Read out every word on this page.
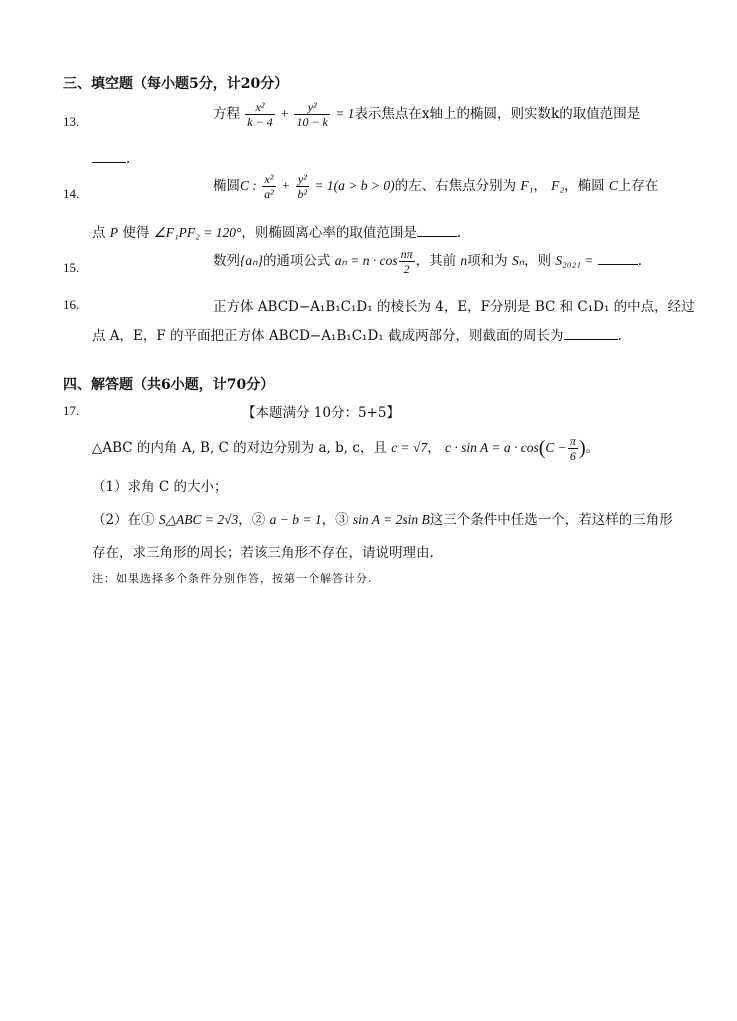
三、填空题（每小题5分，计20分）
13.	方程 $\frac{\text{x²}}{k - 4} + \frac{\text{y²}}{10 - k} = 1$表示焦点在x轴上的椭圆，则实数k的取值范围是
.
14.	椭圆C : $\frac{\text{x²}}{\text{a²}} + \frac{\text{y²}}{\text{b²}} = 1(a > b > 0)$的左、右焦点分别为 F₁， F₂，椭圆 C上存在
点 P 使得 ∠F₁PF₂ = 120°，则椭圆离心率的取值范围是	.
15.	数列{aₙ}的通项公式 $a_n = n \cdot \cos \frac{n\pi}{2}$ ，其前 n项和为 Sₙ，则 S₂₀₂₁ =	.
16.	正方体 ABCD−A₁B₁C₁D₁ 的棱长为 4，E，F分别是 BC 和 C₁D₁ 的中点，经过
点 A，E，F 的平面把正方体 ABCD−A₁B₁C₁D₁ 截成两部分，则截面的周长为	.
四、解答题（共6小题，计70分）
17.	【本题满分 10分：5+5】
△ABC 的内角 A, B, C 的对边分别为 a, b, c，且 c = √7， $c \cdot \sin A = a \cdot \cos(C - \frac{\pi}{6}$ )。
（1）求角 C 的大小；
（2）在① S△ABC = 2√3，② a − b = 1，③ sin A = 2sin B这三个条件中任选一个，若这样的三角形
存在，求三角形的周长；若该三角形不存在，请说明理由.
注：如果选择多个条件分别作答，按第一个解答计分.
